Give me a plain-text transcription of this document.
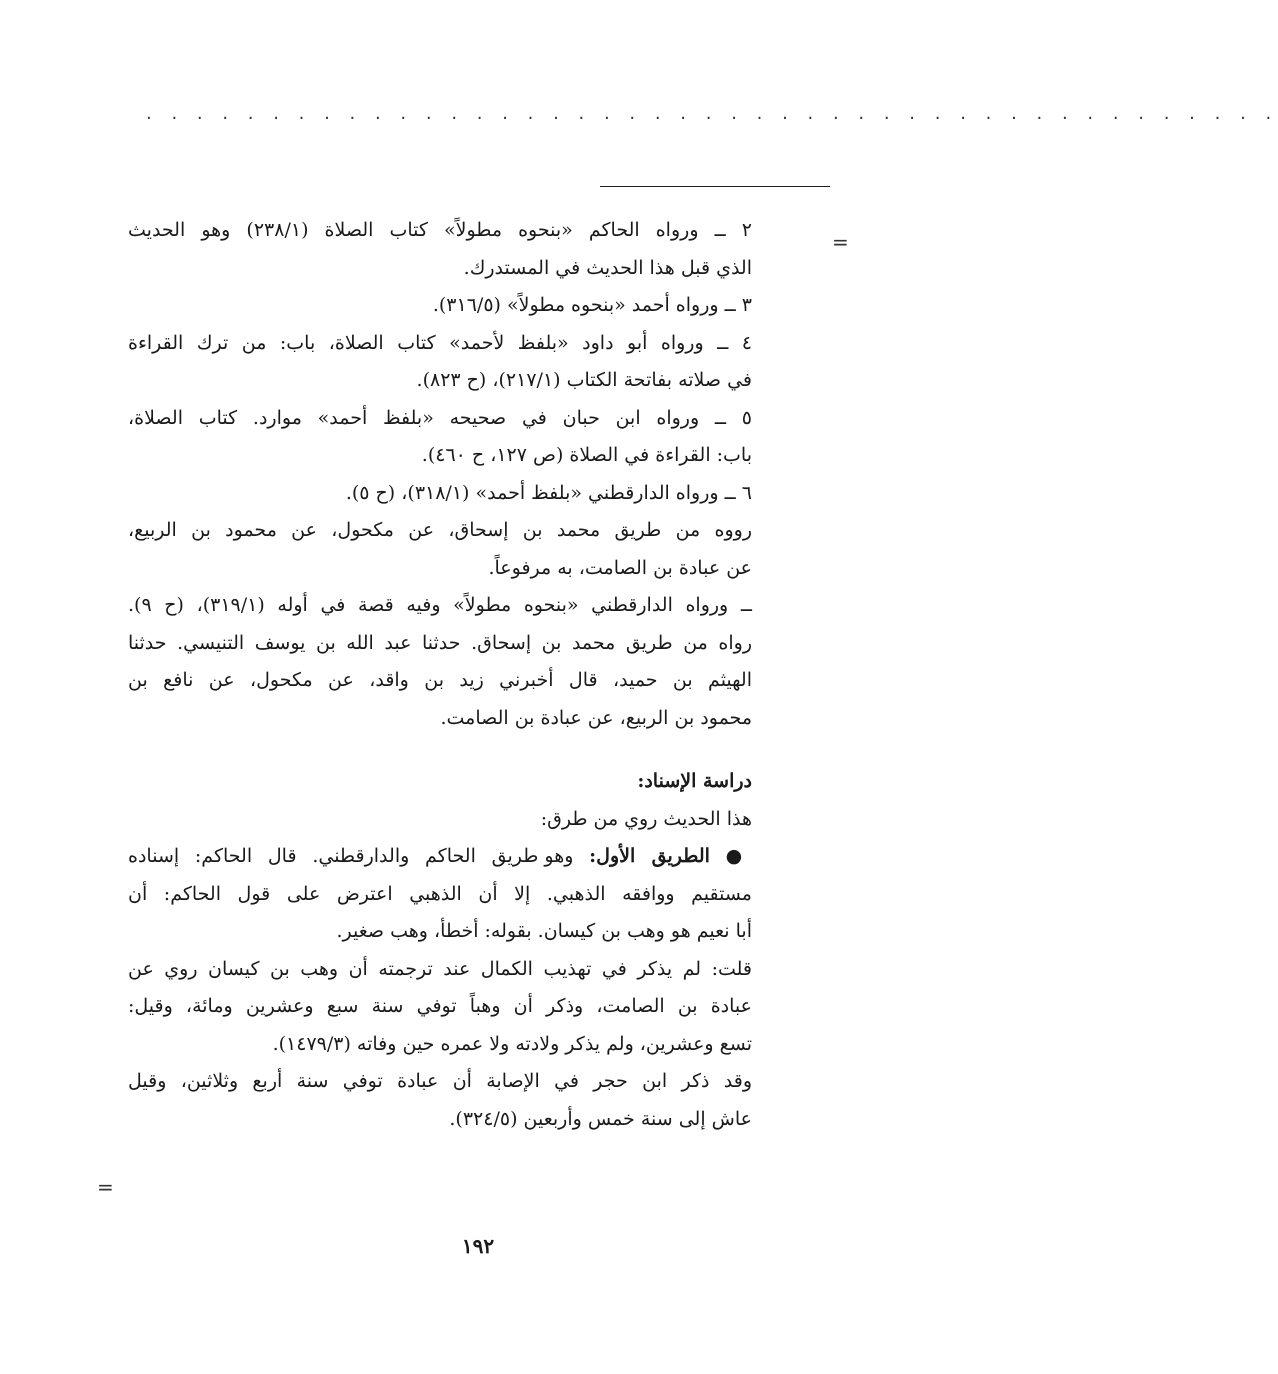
. . . . . . . . . . . . . . . . . . . . . . . . . . . . . . . . . . . . . . . . . . . . .
=
=
٢ ــ ورواه الحاكم «بنحوه مطولاً» كتاب الصلاة (٢٣٨/١) وهو الحديث
الذي قبل هذا الحديث في المستدرك.
٣ ــ ورواه أحمد «بنحوه مطولاً» (٣١٦/٥).
٤ ــ ورواه أبو داود «بلفظ لأحمد» كتاب الصلاة، باب: من ترك القراءة
في صلاته بفاتحة الكتاب (٢١٧/١)، (ح ٨٢٣).
٥ ــ ورواه ابن حبان في صحيحه «بلفظ أحمد» موارد. كتاب الصلاة،
باب: القراءة في الصلاة (ص ١٢٧، ح ٤٦٠).
٦ ــ ورواه الدارقطني «بلفظ أحمد» (٣١٨/١)، (ح ٥).
رووه من طريق محمد بن إسحاق، عن مكحول، عن محمود بن الربيع،
عن عبادة بن الصامت، به مرفوعاً.
ــ ورواه الدارقطني «بنحوه مطولاً» وفيه قصة في أوله (٣١٩/١)، (ح ٩).
رواه من طريق محمد بن إسحاق. حدثنا عبد الله بن يوسف التنيسي. حدثنا
الهيثم بن حميد، قال أخبرني زيد بن واقد، عن مكحول، عن نافع بن
محمود بن الربيع، عن عبادة بن الصامت.
دراسة الإسناد:
هذا الحديث روي من طرق:
● الطريق الأول: وهو طريق الحاكم والدارقطني. قال الحاكم: إسناده
مستقيم ووافقه الذهبي. إلا أن الذهبي اعترض على قول الحاكم: أن
أبا نعيم هو وهب بن كيسان. بقوله: أخطأ، وهب صغير.
قلت: لم يذكر في تهذيب الكمال عند ترجمته أن وهب بن كيسان روي عن
عبادة بن الصامت، وذكر أن وهباً توفي سنة سبع وعشرين ومائة، وقيل:
تسع وعشرين، ولم يذكر ولادته ولا عمره حين وفاته (١٤٧٩/٣).
وقد ذكر ابن حجر في الإصابة أن عبادة توفي سنة أربع وثلاثين، وقيل
عاش إلى سنة خمس وأربعين (٣٢٤/٥).
١٩٢
